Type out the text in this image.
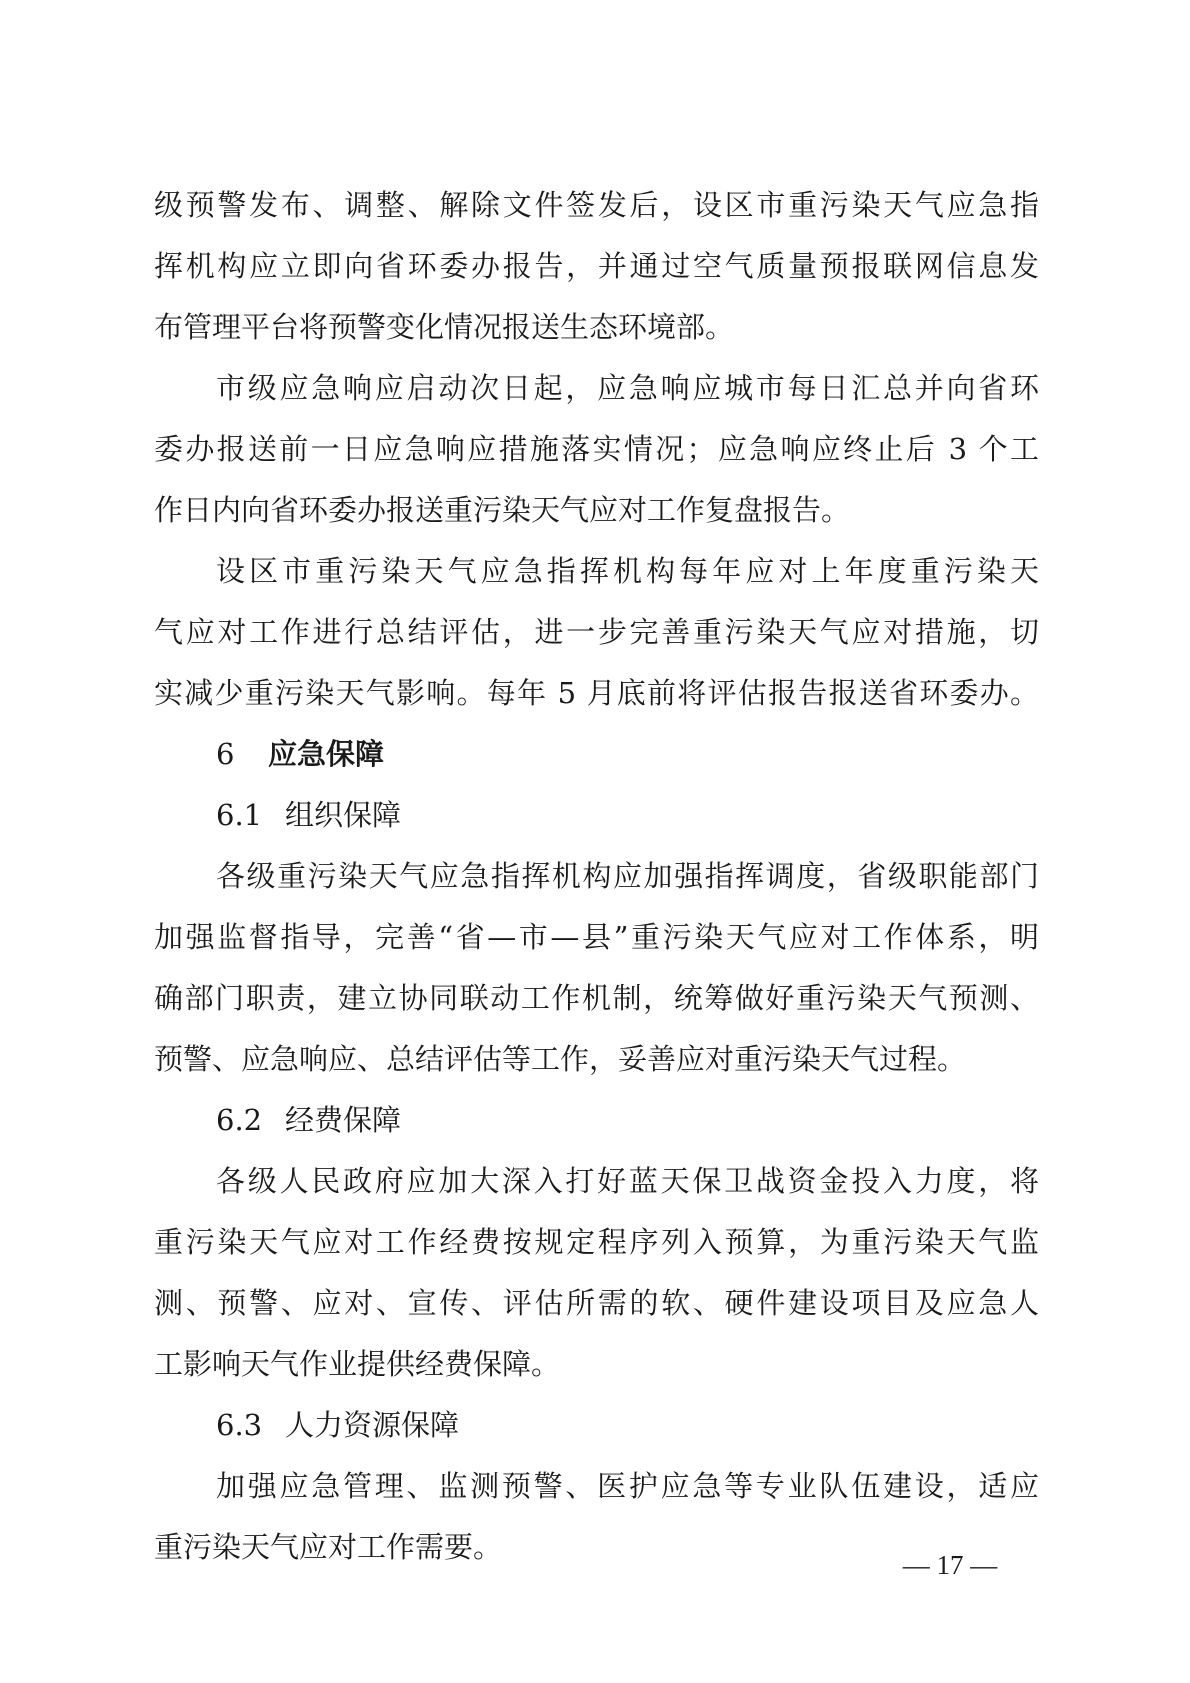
级预警发布、调整、解除文件签发后，设区市重污染天气应急指
挥机构应立即向省环委办报告，并通过空气质量预报联网信息发
布管理平台将预警变化情况报送生态环境部。
市级应急响应启动次日起，应急响应城市每日汇总并向省环
委办报送前一日应急响应措施落实情况；应急响应终止后 3 个工
作日内向省环委办报送重污染天气应对工作复盘报告。
设区市重污染天气应急指挥机构每年应对上年度重污染天
气应对工作进行总结评估，进一步完善重污染天气应对措施，切
实减少重污染天气影响。每年 5 月底前将评估报告报送省环委办。
6 应急保障
6.1 组织保障
各级重污染天气应急指挥机构应加强指挥调度，省级职能部门
加强监督指导，完善“省—市—县”重污染天气应对工作体系，明
确部门职责，建立协同联动工作机制，统筹做好重污染天气预测、
预警、应急响应、总结评估等工作，妥善应对重污染天气过程。
6.2 经费保障
各级人民政府应加大深入打好蓝天保卫战资金投入力度，将
重污染天气应对工作经费按规定程序列入预算，为重污染天气监
测、预警、应对、宣传、评估所需的软、硬件建设项目及应急人
工影响天气作业提供经费保障。
6.3 人力资源保障
加强应急管理、监测预警、医护应急等专业队伍建设，适应
重污染天气应对工作需要。
— 17 —
